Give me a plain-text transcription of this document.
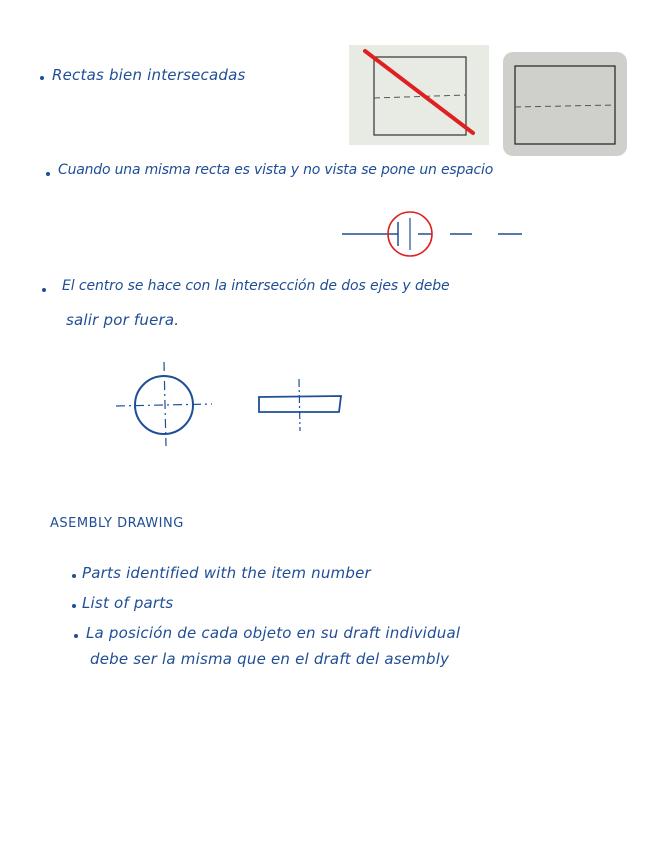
Rectas bien intersecadas
Cuando una misma recta es vista y no vista se pone un espacio
El centro se hace con la intersección de dos ejes y debe
salir por fuera.
ASEMBLY DRAWING
Parts identified with the item number
List of parts
La posición de cada objeto en su draft individual
debe ser la misma que en el draft del asembly
